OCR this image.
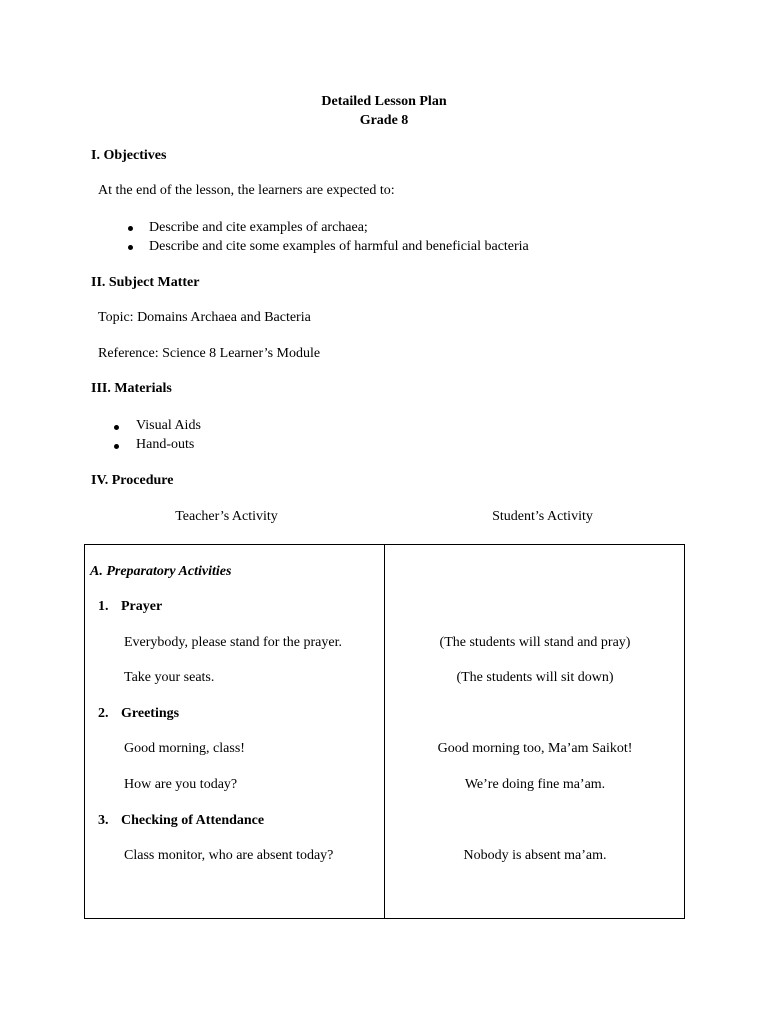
Detailed Lesson Plan
Grade 8
I. Objectives
At the end of the lesson, the learners are expected to:
Describe and cite examples of archaea;
Describe and cite some examples of harmful and beneficial bacteria
II. Subject Matter
Topic: Domains Archaea and Bacteria
Reference: Science 8 Learner’s Module
III. Materials
Visual Aids
Hand-outs
IV. Procedure
Teacher’s Activity	Student’s Activity
A. Preparatory Activities
1. Prayer
Everybody, please stand for the prayer.	(The students will stand and pray)
Take your seats.	(The students will sit down)
2. Greetings
Good morning, class!	Good morning too, Ma’am Saikot!
How are you today?	We’re doing fine ma’am.
3. Checking of Attendance
Class monitor, who are absent today?	Nobody is absent ma’am.
